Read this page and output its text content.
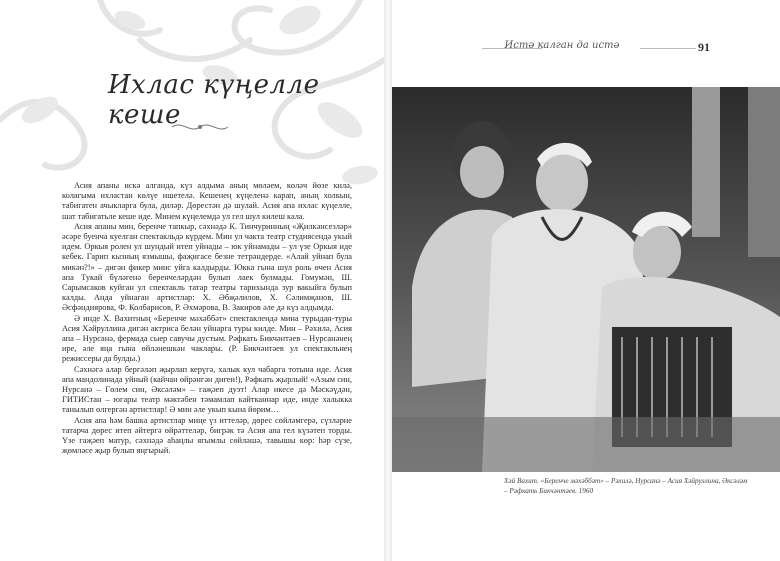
Ихлас күңелле кеше

Асия апаны искә алганда, күз алдыма аның мөләем, көләч йөзе килә, колагыма ихластан көлүе ишетелә. Кешенең күңеленә карап, аның холкын, табигатен ачыкларга була, диләр. Дөрестән дә шулай. Асия апа ихлас күңелле, шат табигатьле кеше иде. Минем күңелемдә ул гел шул килеш кала.

Асия апаны мин, беренче тапкыр, сәхнәдә К. Тинчуринның «Җилкәнсезләр» әсәре буенча куелган спектакльдә күрдем. Мин ул чакта театр студиясендә укый идем. Оркыя ролен ул шундый итеп уйнады – юк уйнамады – ул үзе Оркыя иде кебек. Гарип кызның язмышы, фаҗигасе безне тетрәндерде. «Алай уйнап була микән?!» – дигән фикер минс уйга калдырды. Юкка гына шул роль өчен Асия апа Тукай бүләгенә беренчеләрдән булып лаек булмады. Гомумән, Ш. Сарымсаков куйган ул спектакль татар театры тарихында зур вакыйга булып калды. Анда уйнаган артистлар: Х. Әбҗәлилов, Х. Сәлимҗанов, Ш. Әсфәндиярова, Ф. Колбарисов, Р. Әхмәрова, В. Закиров әле дә күз алдымда.

Ә инде Х. Вахитның «Беренче мәхәббәт» спектаклендә мина турыдан-туры Асия Хәйруллина дигән актриса белән уйнарга туры килде. Мин – Рәхилә, Асия апа – Нурсанә, фермада сыер савучы дустым. Рәфкать Бикчәнтәев – Нурсанәнең ире, әле яңа гына өйләнешкән чаклары. (Р. Бикчәнтәев ул спектакльнең режиссеры да булды.)

Сәхнәгә алар бергәләп җырлап керүгә, халык кул чабарга тотына иде. Асия апа мандолинада уйный (кайчан өйрәнгән дигеи!), Рәфкать җырлый! «Азым син, Нурсанә – Гөлем син, Әксәләм» – гаҗәеп дуэт! Алар икесе дә Мәскәүдән, ГИТИСтан – югары театр мәктәбен тәмамлап кайтканнар иде, инде халыкка танылып өлгергән артистлар! Ә мин әле укып кына йөрим…

Асия апа һәм башка артистлар миңе үз иттеләр, дөрес сөйләмгерә, сүзләрне татарча дөрес итеп әйтергә өйрәттеләр, бигрәк тә Асия апа гел күзәтеп торды. Үзе гаҗәеп матур, сәхнәдә аһаңлы ягымлы сөйләшә, тавышы көр: һәр сүзе, җөмләсе җыр булып яңгырый.

Истә калган да истә	91
Хәй Вахит. «Беренче мәхәббәт» – Рәхилә, Нурсанә – Асия Хәйруллина, Әксәләм – Рәфкать Бикчәнтәев. 1960
